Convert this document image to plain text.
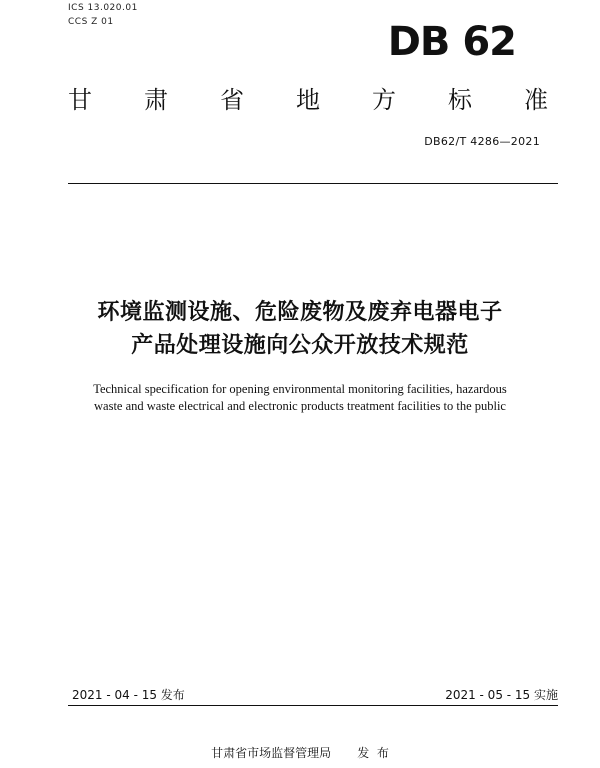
ICS 13.020.01
CCS Z 01	DB 62
甘 肃 省 地 方 标 准
DB62/T 4286—2021
环境监测设施、危险废物及废弃电器电子
产品处理设施向公众开放技术规范
Technical specification for opening environmental monitoring facilities, hazardous
waste and waste electrical and electronic products treatment facilities to the public
2021 - 04 - 15 发布	2021 - 05 - 15 实施
甘肃省市场监督管理局 发  布
